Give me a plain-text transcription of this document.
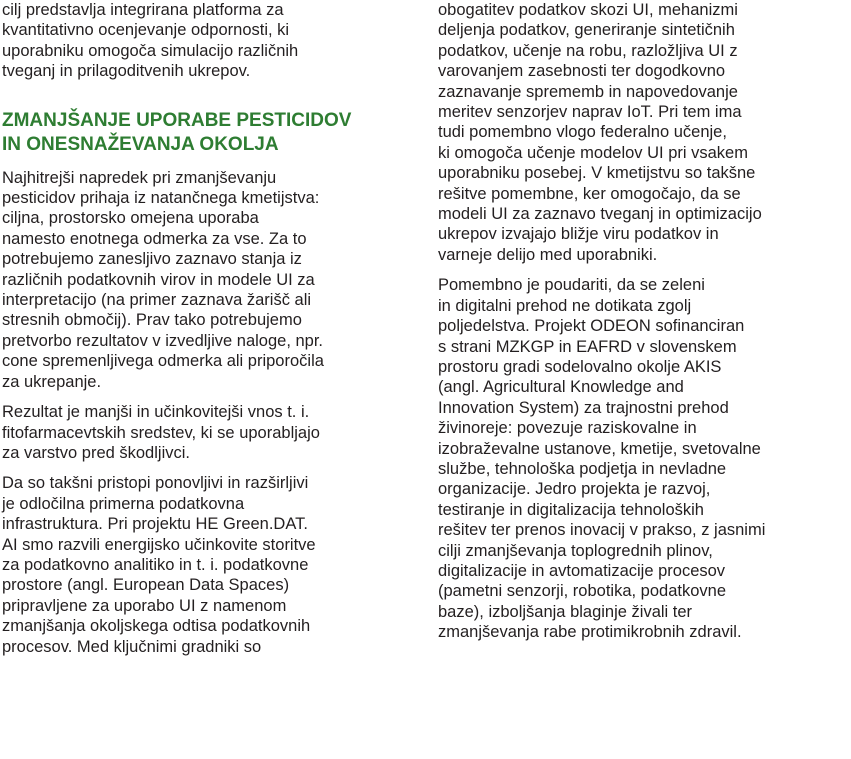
cilj predstavlja integrirana platforma za
kvantitativno ocenjevanje odpornosti, ki
uporabniku omogoča simulacijo različnih
tveganj in prilagoditvenih ukrepov.

ZMANJŠANJE UPORABE PESTICIDOV
IN ONESNAŽEVANJA OKOLJA

Najhitrejši napredek pri zmanjševanju
pesticidov prihaja iz natančnega kmetijstva:
ciljna, prostorsko omejena uporaba
namesto enotnega odmerka za vse. Za to
potrebujemo zanesljivo zaznavo stanja iz
različnih podatkovnih virov in modele UI za
interpretacijo (na primer zaznava žarišč ali
stresnih območij). Prav tako potrebujemo
pretvorbo rezultatov v izvedljive naloge, npr.
cone spremenljivega odmerka ali priporočila
za ukrepanje.

Rezultat je manjši in učinkovitejši vnos t. i.
fitofarmacevtskih sredstev, ki se uporabljajo
za varstvo pred škodljivci.

Da so takšni pristopi ponovljivi in razširljivi
je odločilna primerna podatkovna
infrastruktura. Pri projektu HE Green.DAT.
AI smo razvili energijsko učinkovite storitve
za podatkovno analitiko in t. i. podatkovne
prostore (angl. European Data Spaces)
pripravljene za uporabo UI z namenom
zmanjšanja okoljskega odtisa podatkovnih
procesov. Med ključnimi gradniki so

obogatitev podatkov skozi UI, mehanizmi
deljenja podatkov, generiranje sintetičnih
podatkov, učenje na robu, razložljiva UI z
varovanjem zasebnosti ter dogodkovno
zaznavanje sprememb in napovedovanje
meritev senzorjev naprav IoT. Pri tem ima
tudi pomembno vlogo federalno učenje,
ki omogoča učenje modelov UI pri vsakem
uporabniku posebej. V kmetijstvu so takšne
rešitve pomembne, ker omogočajo, da se
modeli UI za zaznavo tveganj in optimizacijo
ukrepov izvajajo bližje viru podatkov in
varneje delijo med uporabniki.

Pomembno je poudariti, da se zeleni
in digitalni prehod ne dotikata zgolj
poljedelstva. Projekt ODEON sofinanciran
s strani MZKGP in EAFRD v slovenskem
prostoru gradi sodelovalno okolje AKIS
(angl. Agricultural Knowledge and
Innovation System) za trajnostni prehod
živinoreje: povezuje raziskovalne in
izobraževalne ustanove, kmetije, svetovalne
službe, tehnološka podjetja in nevladne
organizacije. Jedro projekta je razvoj,
testiranje in digitalizacija tehnoloških
rešitev ter prenos inovacij v prakso, z jasnimi
cilji zmanjševanja toplogrednih plinov,
digitalizacije in avtomatizacije procesov
(pametni senzorji, robotika, podatkovne
baze), izboljšanja blaginje živali ter
zmanjševanja rabe protimikrobnih zdravil.
